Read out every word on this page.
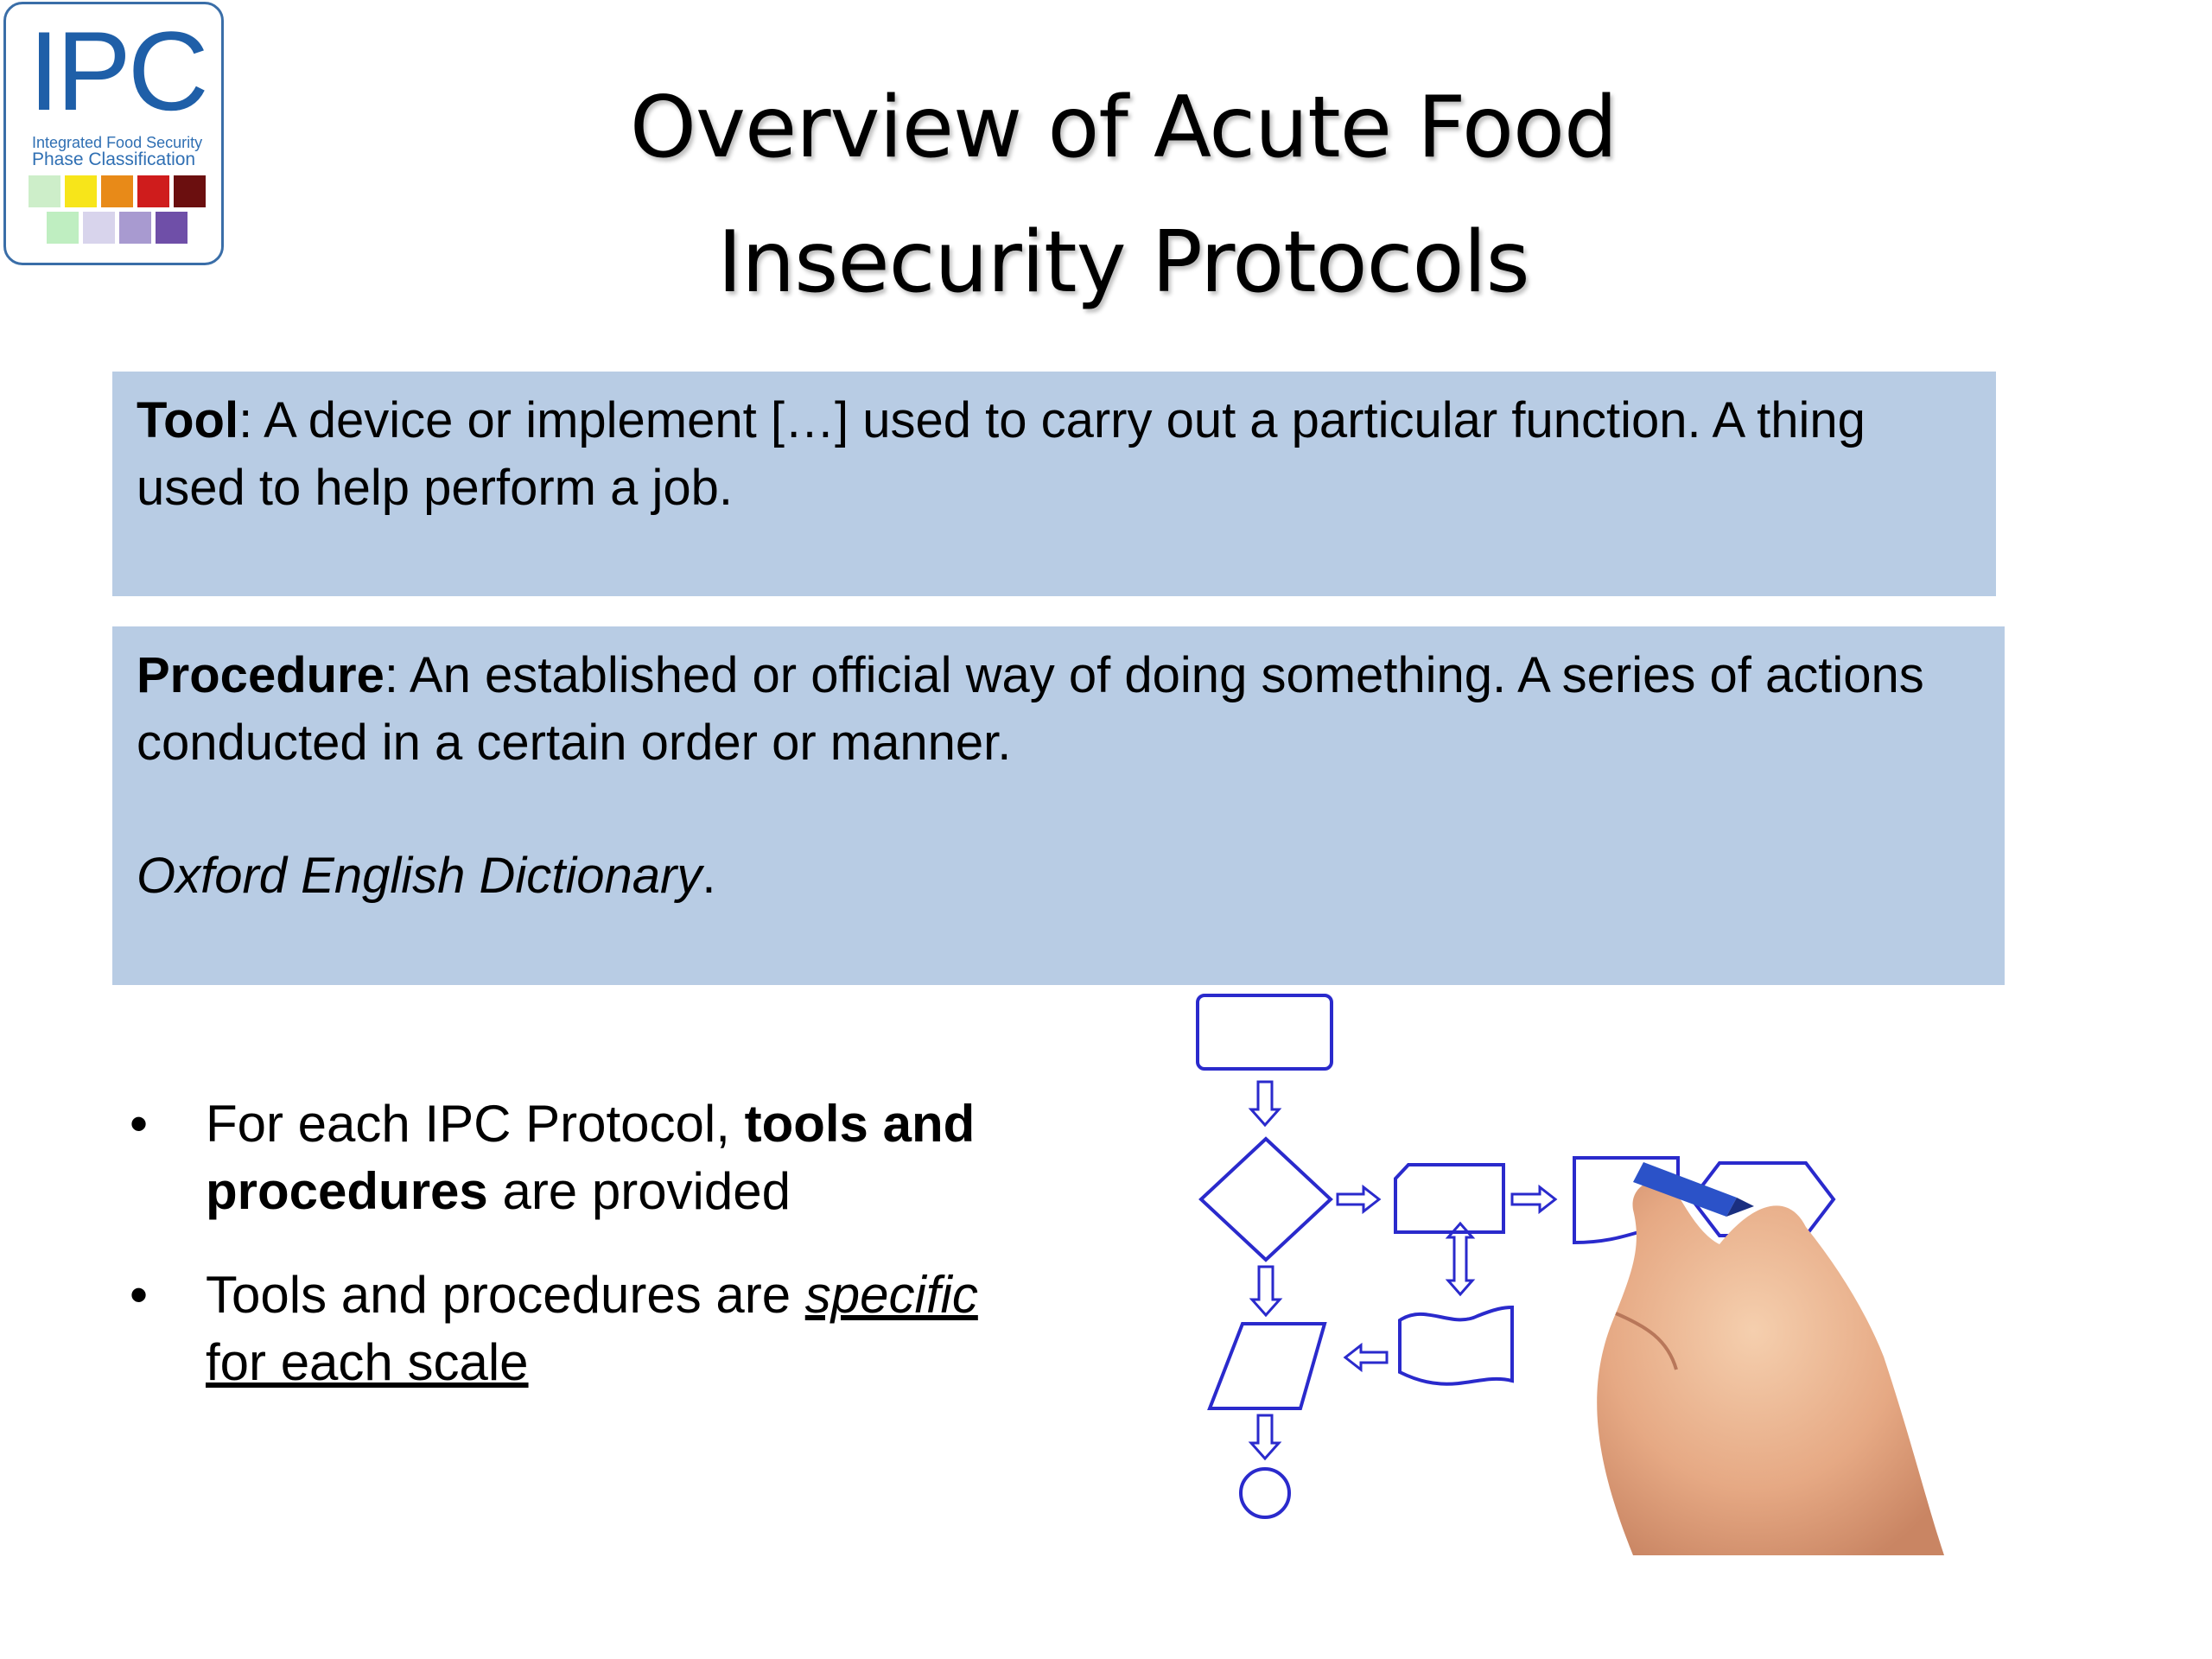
IPC
Integrated Food Security
Phase Classification	Overview of Acute Food
Insecurity Protocols
Tool: A device or implement […] used to carry out a particular function. A thing used to help perform a job.
Procedure: An established or official way of doing something. A series of actions conducted in a certain order or manner.
Oxford English Dictionary.
• For each IPC Protocol, tools and
procedures are provided
• Tools and procedures are specific
for each scale
